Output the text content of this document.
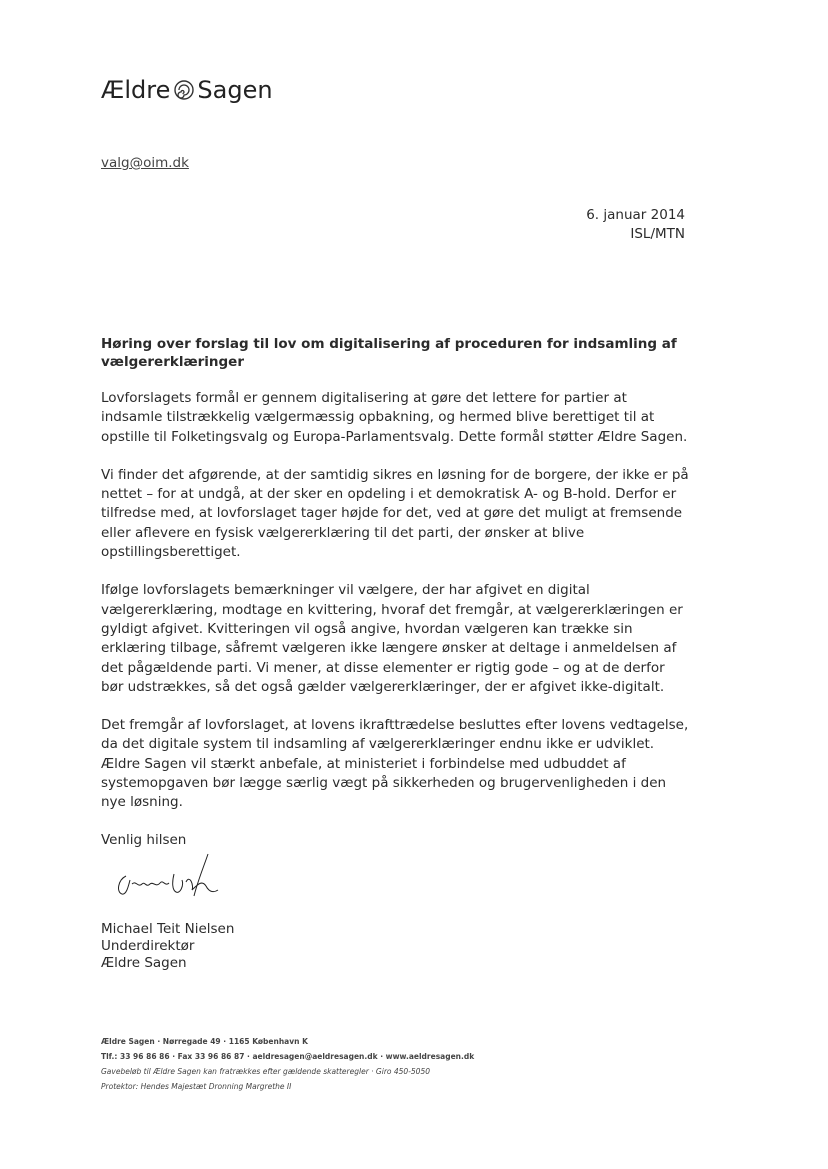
Ældre Sagen
valg@oim.dk
6. januar 2014
ISL/MTN
Høring over forslag til lov om digitalisering af proceduren for indsamling af vælgererklæringer

Lovforslagets formål er gennem digitalisering at gøre det lettere for partier at indsamle tilstrækkelig vælgermæssig opbakning, og hermed blive berettiget til at opstille til Folketingsvalg og Europa-Parlamentsvalg. Dette formål støtter Ældre Sagen.

Vi finder det afgørende, at der samtidig sikres en løsning for de borgere, der ikke er på nettet – for at undgå, at der sker en opdeling i et demokratisk A- og B-hold. Derfor er tilfredse med, at lovforslaget tager højde for det, ved at gøre det muligt at fremsende eller aflevere en fysisk vælgererklæring til det parti, der ønsker at blive opstillingsberettiget.

Ifølge lovforslagets bemærkninger vil vælgere, der har afgivet en digital vælgererklæring, modtage en kvittering, hvoraf det fremgår, at vælgererklæringen er gyldigt afgivet. Kvitteringen vil også angive, hvordan vælgeren kan trække sin erklæring tilbage, såfremt vælgeren ikke længere ønsker at deltage i anmeldelsen af det pågældende parti. Vi mener, at disse elementer er rigtig gode – og at de derfor bør udstrækkes, så det også gælder vælgererklæringer, der er afgivet ikke-digitalt.

Det fremgår af lovforslaget, at lovens ikrafttrædelse besluttes efter lovens vedtagelse, da det digitale system til indsamling af vælgererklæringer endnu ikke er udviklet. Ældre Sagen vil stærkt anbefale, at ministeriet i forbindelse med udbuddet af systemopgaven bør lægge særlig vægt på sikkerheden og brugervenligheden i den nye løsning.

Venlig hilsen
Michael Teit Nielsen
Underdirektør
Ældre Sagen
Ældre Sagen · Nørregade 49 · 1165 København K
Tlf.: 33 96 86 86 · Fax 33 96 86 87 · aeldresagen@aeldresagen.dk · www.aeldresagen.dk
Gavebeløb til Ældre Sagen kan fratrækkes efter gældende skatteregler · Giro 450-5050
Protektor: Hendes Majestæt Dronning Margrethe II
